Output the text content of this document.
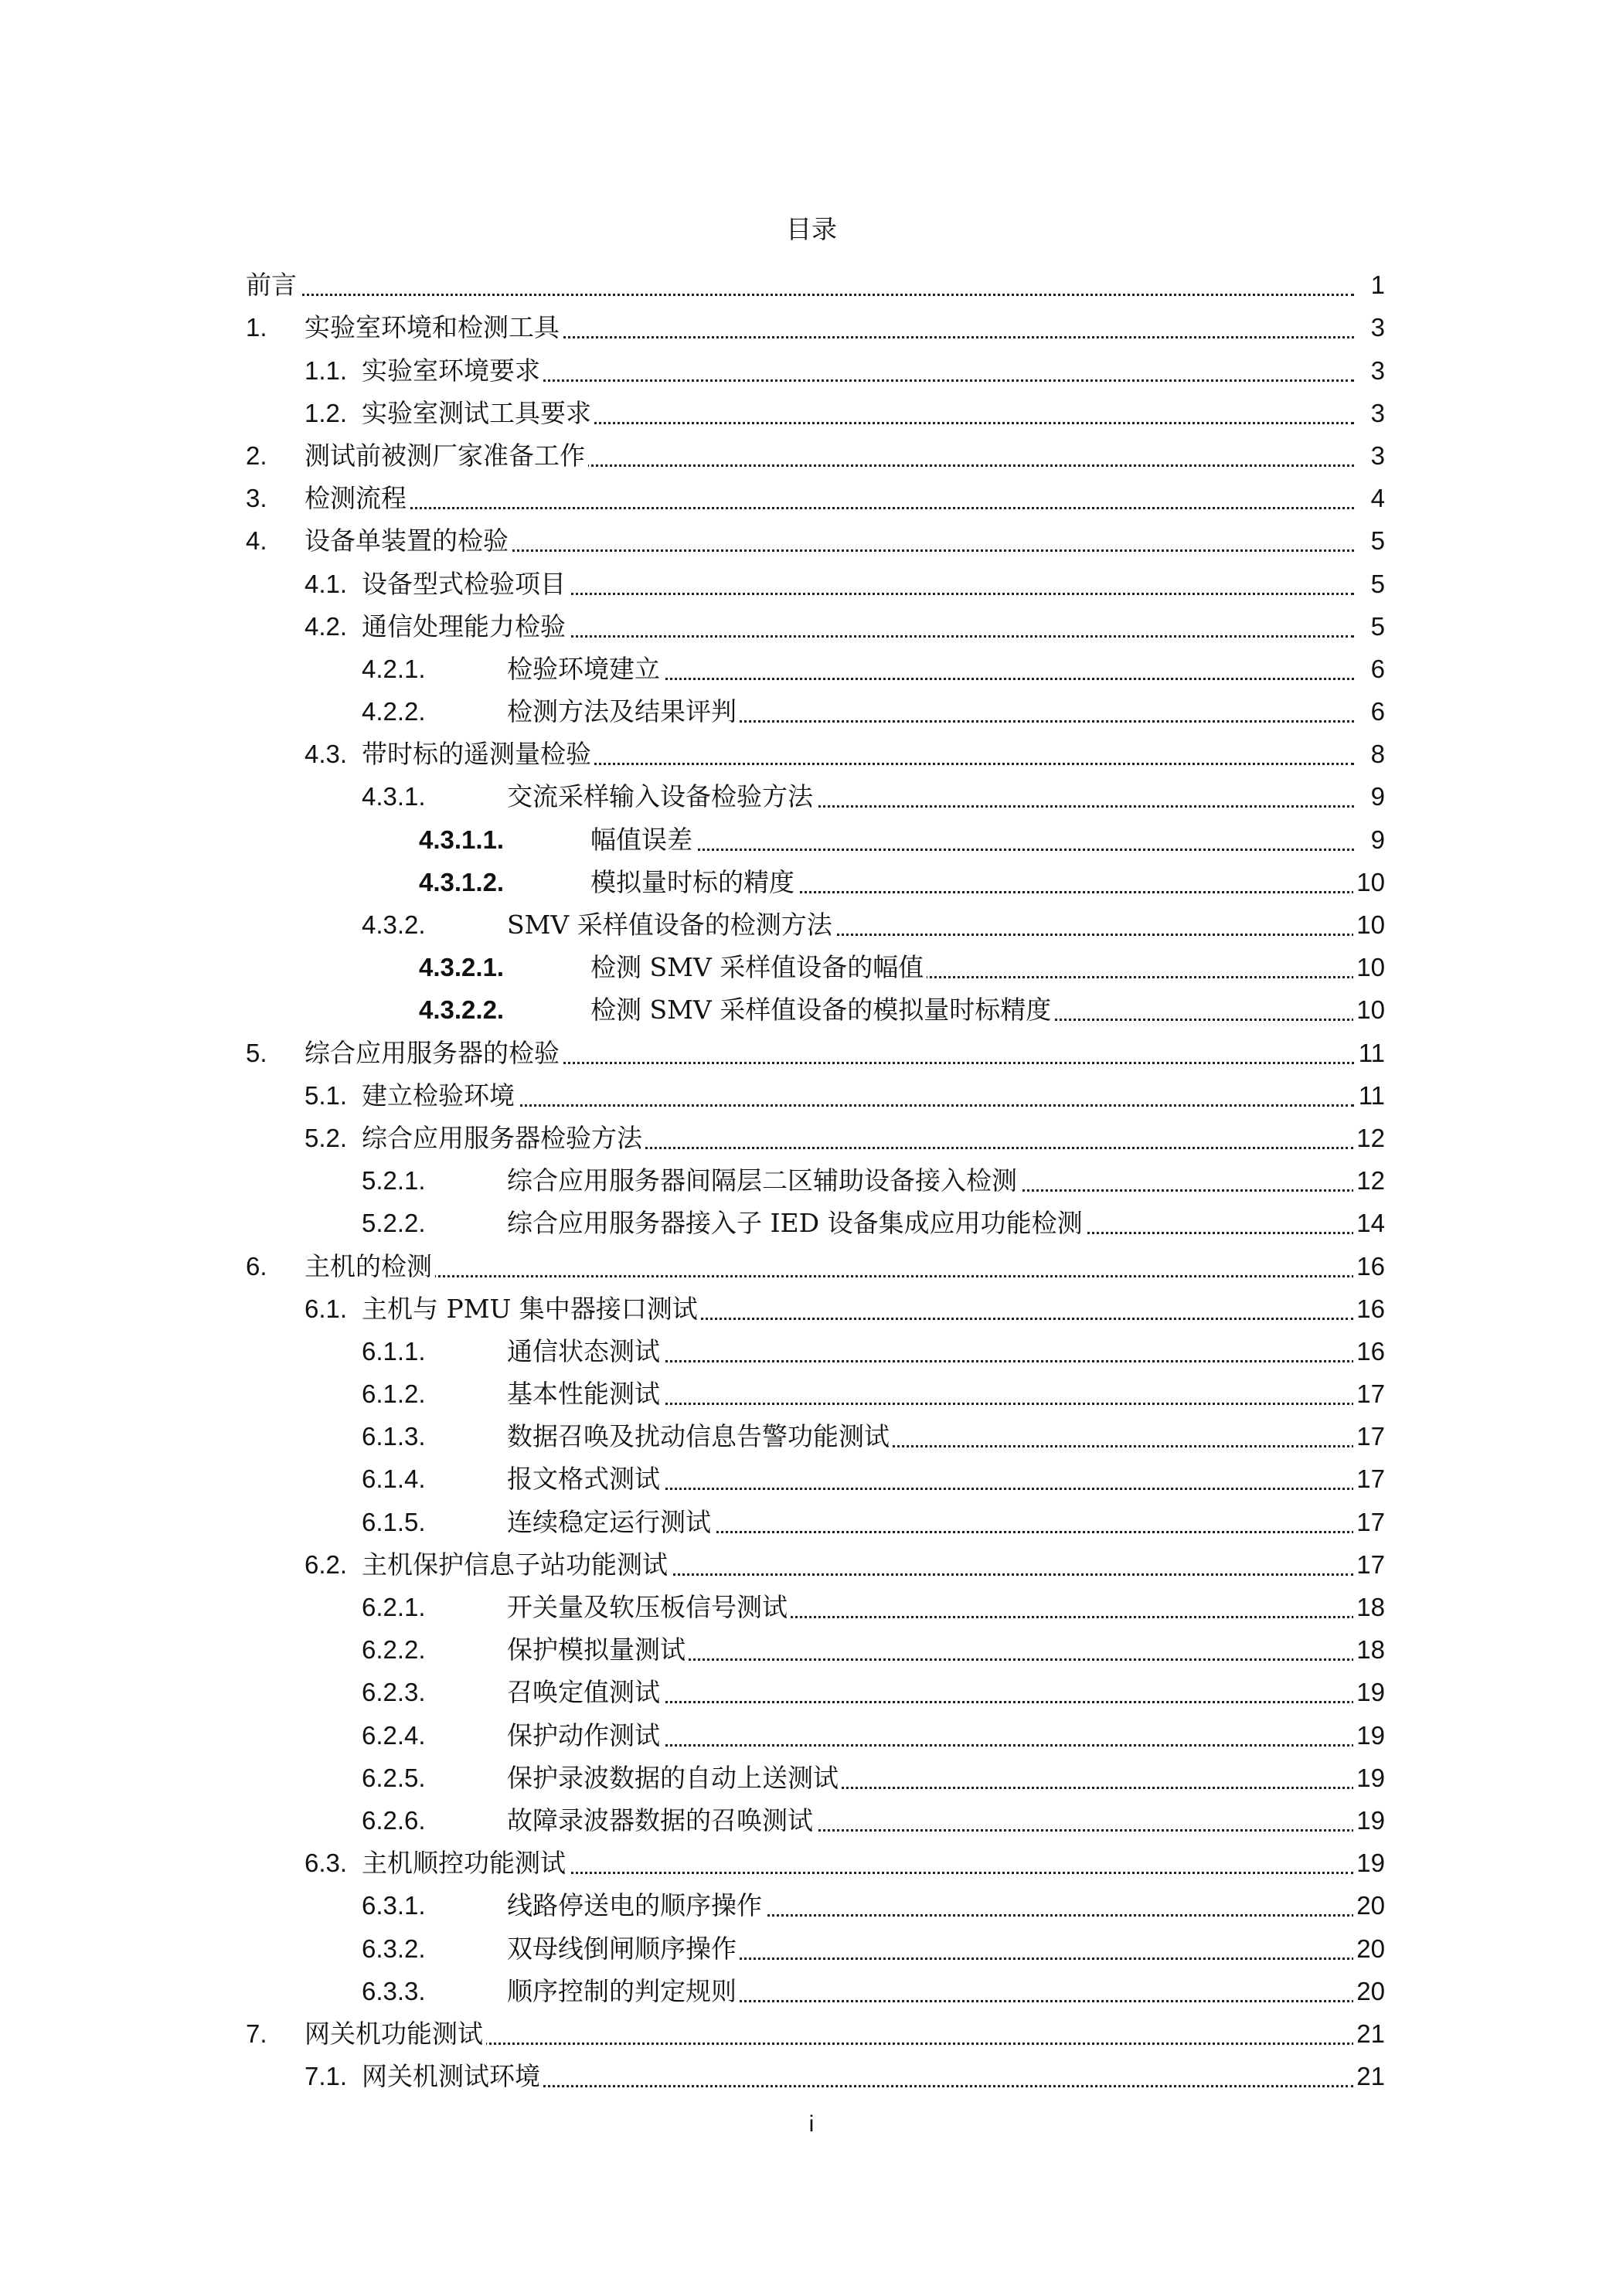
目录
前言	1
1. 实验室环境和检测工具	3
1.1. 实验室环境要求	3
1.2. 实验室测试工具要求	3
2. 测试前被测厂家准备工作	3
3. 检测流程	4
4. 设备单装置的检验	5
4.1. 设备型式检验项目	5
4.2. 通信处理能力检验	5
4.2.1.	检验环境建立	6
4.2.2.	检测方法及结果评判	6
4.3. 带时标的遥测量检验	8
4.3.1.	交流采样输入设备检验方法	9
4.3.1.1.	幅值误差	9
4.3.1.2.	模拟量时标的精度	10
4.3.2.	SMV 采样值设备的检测方法	10
4.3.2.1.	检测 SMV 采样值设备的幅值	10
4.3.2.2.	检测 SMV 采样值设备的模拟量时标精度	10
5. 综合应用服务器的检验	11
5.1. 建立检验环境	11
5.2. 综合应用服务器检验方法	12
5.2.1.	综合应用服务器间隔层二区辅助设备接入检测	12
5.2.2.	综合应用服务器接入子 IED 设备集成应用功能检测	14
6. 主机的检测	16
6.1. 主机与 PMU 集中器接口测试	16
6.1.1.	通信状态测试	16
6.1.2.	基本性能测试	17
6.1.3.	数据召唤及扰动信息告警功能测试	17
6.1.4.	报文格式测试	17
6.1.5.	连续稳定运行测试	17
6.2. 主机保护信息子站功能测试	17
6.2.1.	开关量及软压板信号测试	18
6.2.2.	保护模拟量测试	18
6.2.3.	召唤定值测试	19
6.2.4.	保护动作测试	19
6.2.5.	保护录波数据的自动上送测试	19
6.2.6.	故障录波器数据的召唤测试	19
6.3. 主机顺控功能测试	19
6.3.1.	线路停送电的顺序操作	20
6.3.2.	双母线倒闸顺序操作	20
6.3.3.	顺序控制的判定规则	20
7. 网关机功能测试	21
7.1. 网关机测试环境	21
i
